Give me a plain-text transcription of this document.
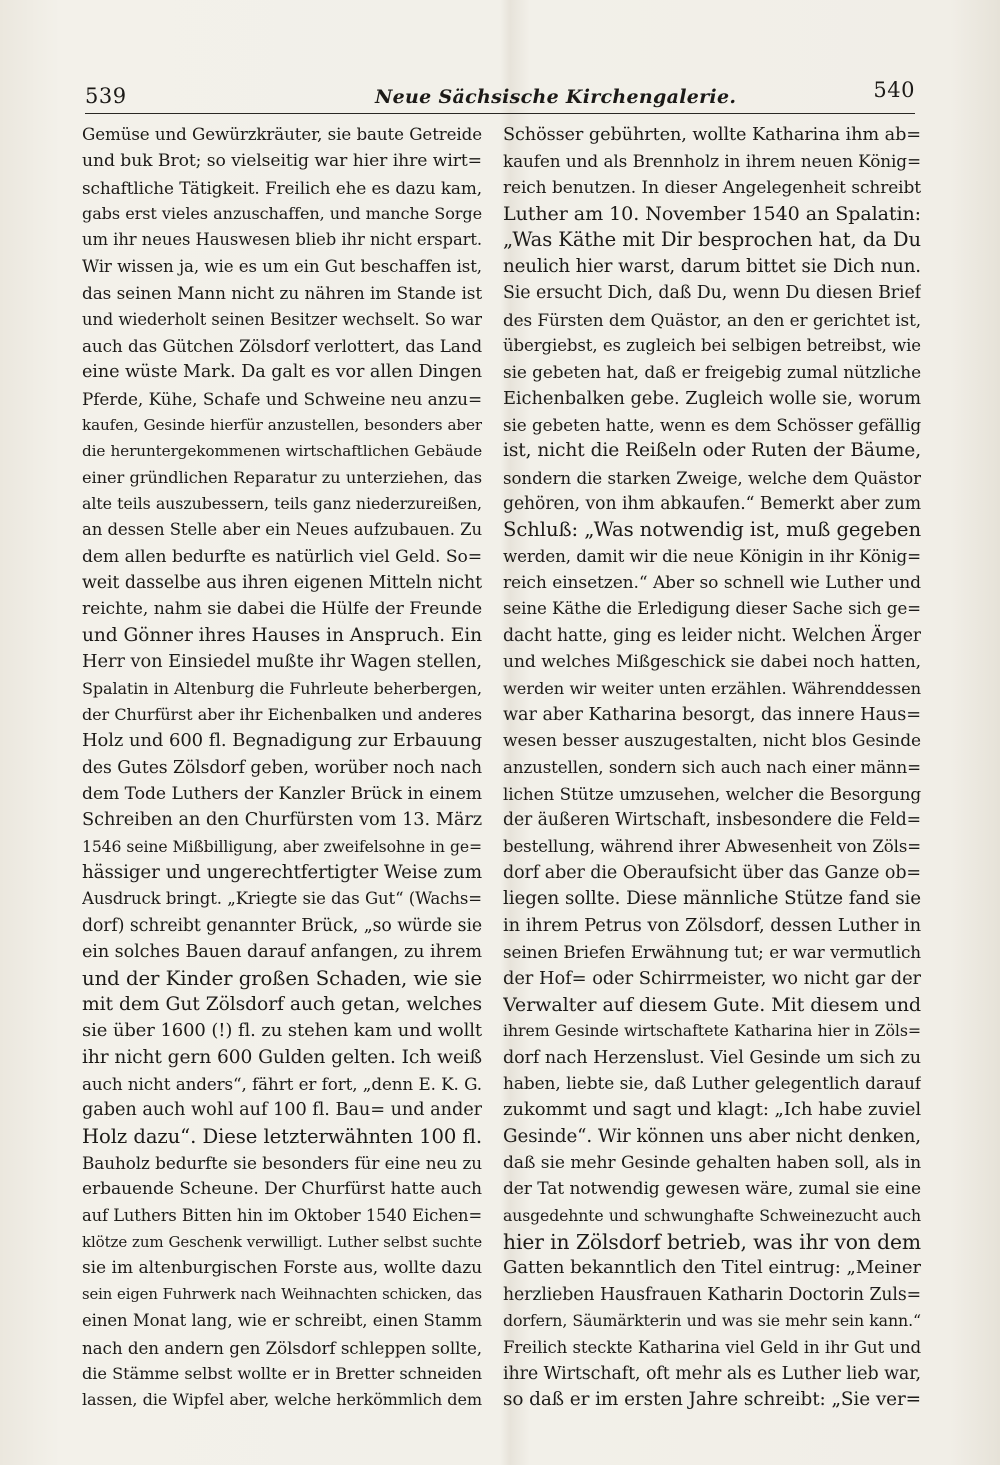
539	Neue Sächsische Kirchengalerie.	540
Gemüse und Gewürzkräuter, sie baute Getreide
und buk Brot; so vielseitig war hier ihre wirt=
schaftliche Tätigkeit. Freilich ehe es dazu kam,
gabs erst vieles anzuschaffen, und manche Sorge
um ihr neues Hauswesen blieb ihr nicht erspart.
Wir wissen ja, wie es um ein Gut beschaffen ist,
das seinen Mann nicht zu nähren im Stande ist
und wiederholt seinen Besitzer wechselt. So war
auch das Gütchen Zölsdorf verlottert, das Land
eine wüste Mark. Da galt es vor allen Dingen
Pferde, Kühe, Schafe und Schweine neu anzu=
kaufen, Gesinde hierfür anzustellen, besonders aber
die heruntergekommenen wirtschaftlichen Gebäude
einer gründlichen Reparatur zu unterziehen, das
alte teils auszubessern, teils ganz niederzureißen,
an dessen Stelle aber ein Neues aufzubauen. Zu
dem allen bedurfte es natürlich viel Geld. So=
weit dasselbe aus ihren eigenen Mitteln nicht
reichte, nahm sie dabei die Hülfe der Freunde
und Gönner ihres Hauses in Anspruch. Ein
Herr von Einsiedel mußte ihr Wagen stellen,
Spalatin in Altenburg die Fuhrleute beherbergen,
der Churfürst aber ihr Eichenbalken und anderes
Holz und 600 fl. Begnadigung zur Erbauung
des Gutes Zölsdorf geben, worüber noch nach
dem Tode Luthers der Kanzler Brück in einem
Schreiben an den Churfürsten vom 13. März
1546 seine Mißbilligung, aber zweifelsohne in ge=
hässiger und ungerechtfertigter Weise zum
Ausdruck bringt. „Kriegte sie das Gut“ (Wachs=
dorf) schreibt genannter Brück, „so würde sie
ein solches Bauen darauf anfangen, zu ihrem
und der Kinder großen Schaden, wie sie
mit dem Gut Zölsdorf auch getan, welches
sie über 1600 (!) fl. zu stehen kam und wollt
ihr nicht gern 600 Gulden gelten. Ich weiß
auch nicht anders“, fährt er fort, „denn E. K. G.
gaben auch wohl auf 100 fl. Bau= und ander
Holz dazu“. Diese letzterwähnten 100 fl.
Bauholz bedurfte sie besonders für eine neu zu
erbauende Scheune. Der Churfürst hatte auch
auf Luthers Bitten hin im Oktober 1540 Eichen=
klötze zum Geschenk verwilligt. Luther selbst suchte
sie im altenburgischen Forste aus, wollte dazu
sein eigen Fuhrwerk nach Weihnachten schicken, das
einen Monat lang, wie er schreibt, einen Stamm
nach den andern gen Zölsdorf schleppen sollte,
die Stämme selbst wollte er in Bretter schneiden
lassen, die Wipfel aber, welche herkömmlich dem
Schösser gebührten, wollte Katharina ihm ab=
kaufen und als Brennholz in ihrem neuen König=
reich benutzen. In dieser Angelegenheit schreibt
Luther am 10. November 1540 an Spalatin:
„Was Käthe mit Dir besprochen hat, da Du
neulich hier warst, darum bittet sie Dich nun.
Sie ersucht Dich, daß Du, wenn Du diesen Brief
des Fürsten dem Quästor, an den er gerichtet ist,
übergiebst, es zugleich bei selbigen betreibst, wie
sie gebeten hat, daß er freigebig zumal nützliche
Eichenbalken gebe. Zugleich wolle sie, worum
sie gebeten hatte, wenn es dem Schösser gefällig
ist, nicht die Reißeln oder Ruten der Bäume,
sondern die starken Zweige, welche dem Quästor
gehören, von ihm abkaufen.“ Bemerkt aber zum
Schluß: „Was notwendig ist, muß gegeben
werden, damit wir die neue Königin in ihr König=
reich einsetzen.“ Aber so schnell wie Luther und
seine Käthe die Erledigung dieser Sache sich ge=
dacht hatte, ging es leider nicht. Welchen Ärger
und welches Mißgeschick sie dabei noch hatten,
werden wir weiter unten erzählen. Währenddessen
war aber Katharina besorgt, das innere Haus=
wesen besser auszugestalten, nicht blos Gesinde
anzustellen, sondern sich auch nach einer männ=
lichen Stütze umzusehen, welcher die Besorgung
der äußeren Wirtschaft, insbesondere die Feld=
bestellung, während ihrer Abwesenheit von Zöls=
dorf aber die Oberaufsicht über das Ganze ob=
liegen sollte. Diese männliche Stütze fand sie
in ihrem Petrus von Zölsdorf, dessen Luther in
seinen Briefen Erwähnung tut; er war vermutlich
der Hof= oder Schirrmeister, wo nicht gar der
Verwalter auf diesem Gute. Mit diesem und
ihrem Gesinde wirtschaftete Katharina hier in Zöls=
dorf nach Herzenslust. Viel Gesinde um sich zu
haben, liebte sie, daß Luther gelegentlich darauf
zukommt und sagt und klagt: „Ich habe zuviel
Gesinde“. Wir können uns aber nicht denken,
daß sie mehr Gesinde gehalten haben soll, als in
der Tat notwendig gewesen wäre, zumal sie eine
ausgedehnte und schwunghafte Schweinezucht auch
hier in Zölsdorf betrieb, was ihr von dem
Gatten bekanntlich den Titel eintrug: „Meiner
herzlieben Hausfrauen Katharin Doctorin Zuls=
dorfern, Säumärkterin und was sie mehr sein kann.“
Freilich steckte Katharina viel Geld in ihr Gut und
ihre Wirtschaft, oft mehr als es Luther lieb war,
so daß er im ersten Jahre schreibt: „Sie ver=
